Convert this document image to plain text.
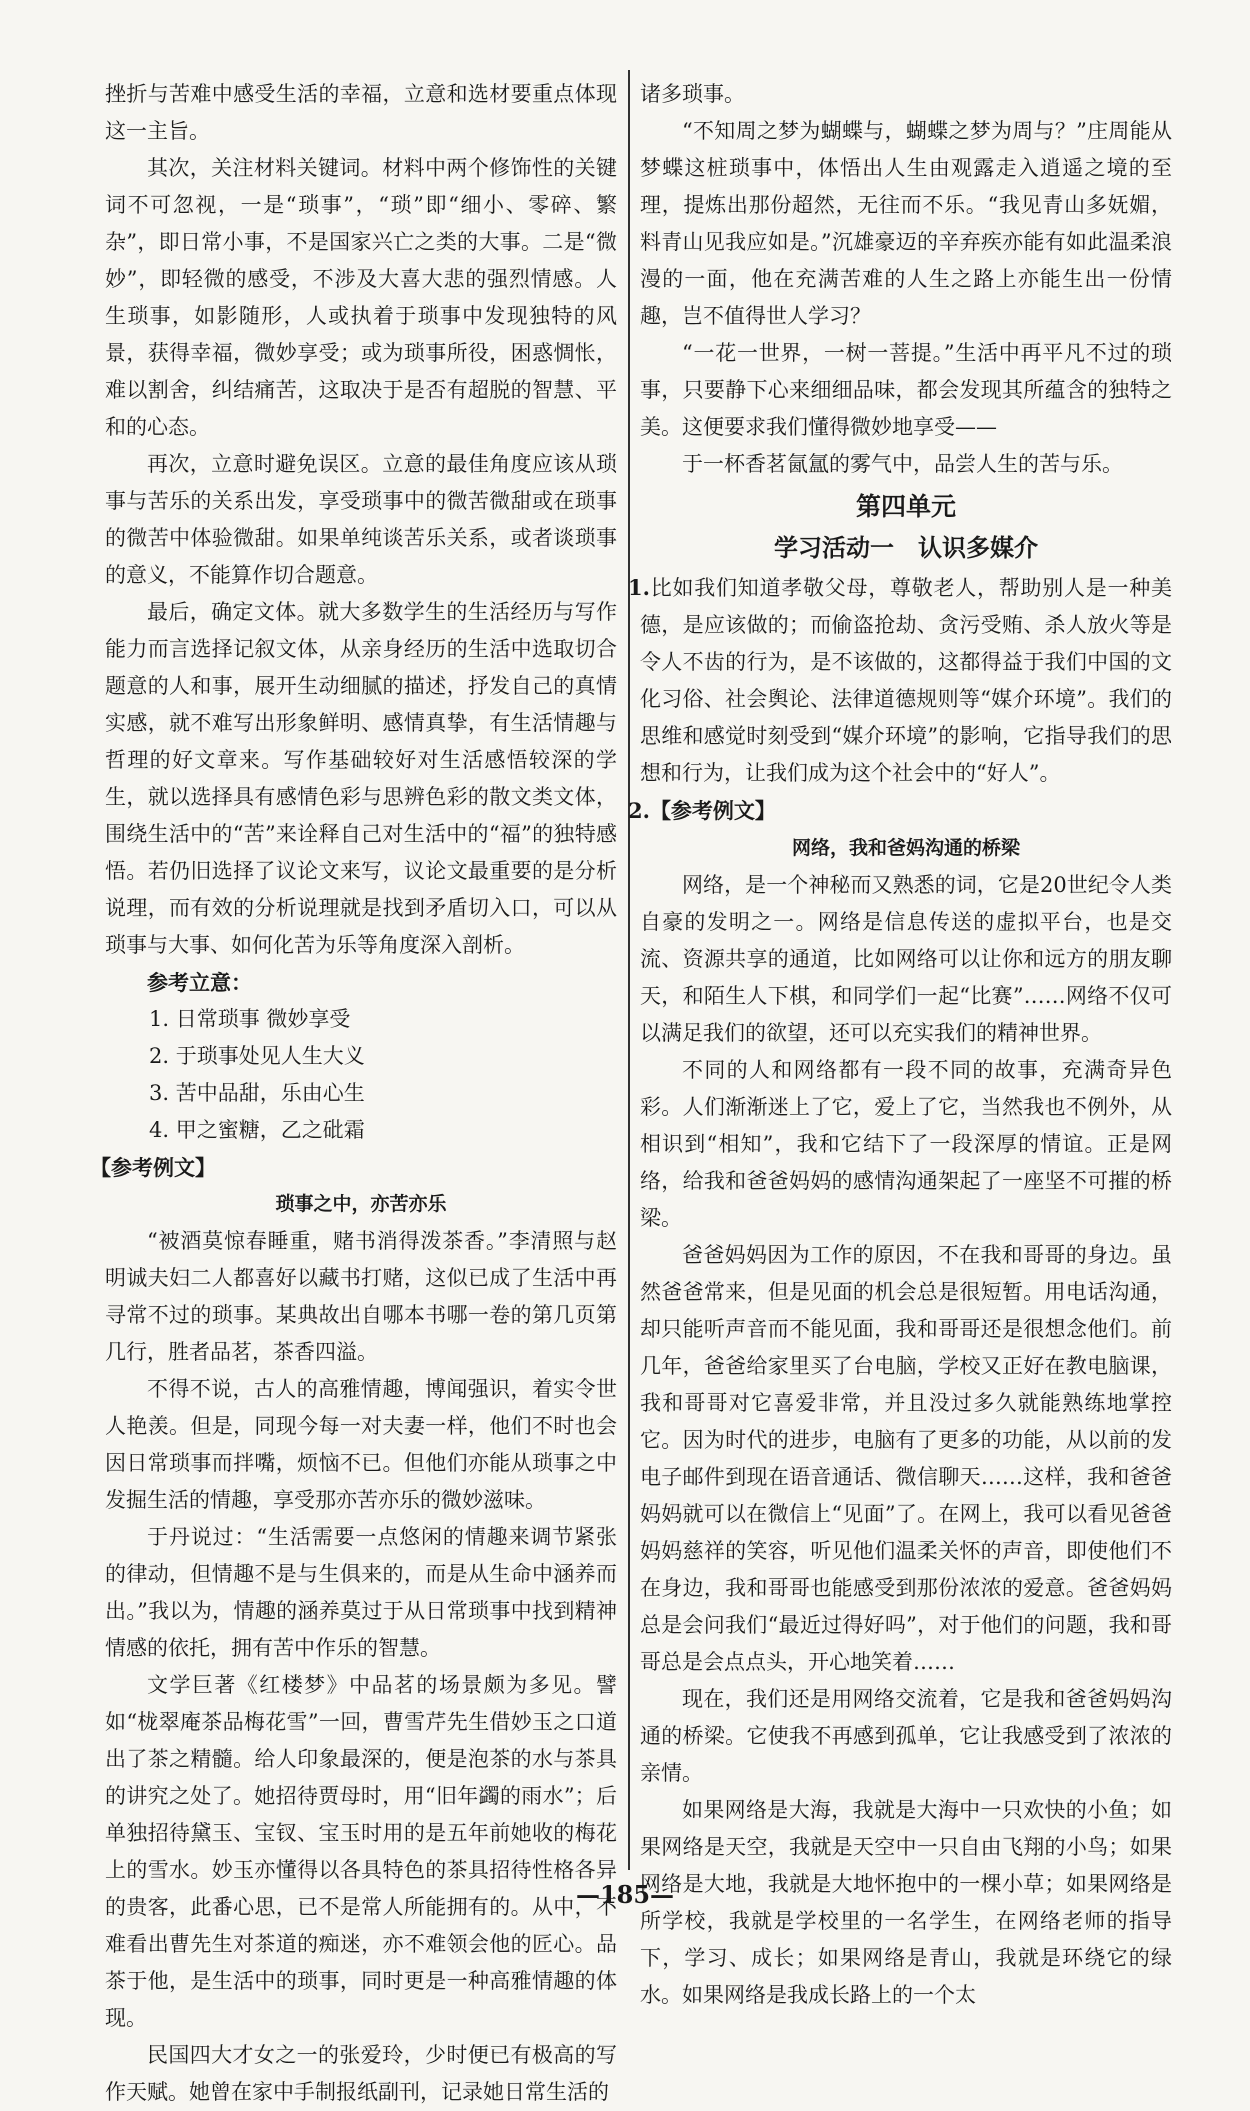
挫折与苦难中感受生活的幸福，立意和选材要重点体现这一主旨。

其次，关注材料关键词。材料中两个修饰性的关键词不可忽视，一是“琐事”，“琐”即“细小、零碎、繁杂”，即日常小事，不是国家兴亡之类的大事。二是“微妙”，即轻微的感受，不涉及大喜大悲的强烈情感。人生琐事，如影随形，人或执着于琐事中发现独特的风景，获得幸福，微妙享受；或为琐事所役，困惑惆怅，难以割舍，纠结痛苦，这取决于是否有超脱的智慧、平和的心态。

再次，立意时避免误区。立意的最佳角度应该从琐事与苦乐的关系出发，享受琐事中的微苦微甜或在琐事的微苦中体验微甜。如果单纯谈苦乐关系，或者谈琐事的意义，不能算作切合题意。

最后，确定文体。就大多数学生的生活经历与写作能力而言选择记叙文体，从亲身经历的生活中选取切合题意的人和事，展开生动细腻的描述，抒发自己的真情实感，就不难写出形象鲜明、感情真挚，有生活情趣与哲理的好文章来。写作基础较好对生活感悟较深的学生，就以选择具有感情色彩与思辨色彩的散文类文体，围绕生活中的“苦”来诠释自己对生活中的“福”的独特感悟。若仍旧选择了议论文来写，议论文最重要的是分析说理，而有效的分析说理就是找到矛盾切入口，可以从琐事与大事、如何化苦为乐等角度深入剖析。

参考立意：

1. 日常琐事 微妙享受
2. 于琐事处见人生大义
3. 苦中品甜，乐由心生
4. 甲之蜜糖，乙之砒霜
【参考例文】
琐事之中，亦苦亦乐

“被酒莫惊春睡重，赌书消得泼茶香。”李清照与赵明诚夫妇二人都喜好以藏书打赌，这似已成了生活中再寻常不过的琐事。某典故出自哪本书哪一卷的第几页第几行，胜者品茗，茶香四溢。

不得不说，古人的高雅情趣，博闻强识，着实令世人艳羡。但是，同现今每一对夫妻一样，他们不时也会因日常琐事而拌嘴，烦恼不已。但他们亦能从琐事之中发掘生活的情趣，享受那亦苦亦乐的微妙滋味。

于丹说过：“生活需要一点悠闲的情趣来调节紧张的律动，但情趣不是与生俱来的，而是从生命中涵养而出。”我以为，情趣的涵养莫过于从日常琐事中找到精神情感的依托，拥有苦中作乐的智慧。

文学巨著《红楼梦》中品茗的场景颇为多见。譬如“栊翠庵茶品梅花雪”一回，曹雪芹先生借妙玉之口道出了茶之精髓。给人印象最深的，便是泡茶的水与茶具的讲究之处了。她招待贾母时，用“旧年蠲的雨水”；后单独招待黛玉、宝钗、宝玉时用的是五年前她收的梅花上的雪水。妙玉亦懂得以各具特色的茶具招待性格各异的贵客，此番心思，已不是常人所能拥有的。从中，不难看出曹先生对茶道的痴迷，亦不难领会他的匠心。品茶于他，是生活中的琐事，同时更是一种高雅情趣的体现。

民国四大才女之一的张爱玲，少时便已有极高的写作天赋。她曾在家中手制报纸副刊，记录她日常生活的

诸多琐事。

“不知周之梦为蝴蝶与，蝴蝶之梦为周与？”庄周能从梦蝶这桩琐事中，体悟出人生由观露走入逍遥之境的至理，提炼出那份超然，无往而不乐。“我见青山多妩媚，料青山见我应如是。”沉雄豪迈的辛弃疾亦能有如此温柔浪漫的一面，他在充满苦难的人生之路上亦能生出一份情趣，岂不值得世人学习？

“一花一世界，一树一菩提。”生活中再平凡不过的琐事，只要静下心来细细品味，都会发现其所蕴含的独特之美。这便要求我们懂得微妙地享受——

于一杯香茗氤氲的雾气中，品尝人生的苦与乐。

第四单元
学习活动一　认识多媒介

1.比如我们知道孝敬父母，尊敬老人，帮助别人是一种美德，是应该做的；而偷盗抢劫、贪污受贿、杀人放火等是令人不齿的行为，是不该做的，这都得益于我们中国的文化习俗、社会舆论、法律道德规则等“媒介环境”。我们的思维和感觉时刻受到“媒介环境”的影响，它指导我们的思想和行为，让我们成为这个社会中的“好人”。

2.【参考例文】

网络，我和爸妈沟通的桥梁

网络，是一个神秘而又熟悉的词，它是20世纪令人类自豪的发明之一。网络是信息传送的虚拟平台，也是交流、资源共享的通道，比如网络可以让你和远方的朋友聊天，和陌生人下棋，和同学们一起“比赛”……网络不仅可以满足我们的欲望，还可以充实我们的精神世界。

不同的人和网络都有一段不同的故事，充满奇异色彩。人们渐渐迷上了它，爱上了它，当然我也不例外，从相识到“相知”，我和它结下了一段深厚的情谊。正是网络，给我和爸爸妈妈的感情沟通架起了一座坚不可摧的桥梁。

爸爸妈妈因为工作的原因，不在我和哥哥的身边。虽然爸爸常来，但是见面的机会总是很短暂。用电话沟通，却只能听声音而不能见面，我和哥哥还是很想念他们。前几年，爸爸给家里买了台电脑，学校又正好在教电脑课，我和哥哥对它喜爱非常，并且没过多久就能熟练地掌控它。因为时代的进步，电脑有了更多的功能，从以前的发电子邮件到现在语音通话、微信聊天……这样，我和爸爸妈妈就可以在微信上“见面”了。在网上，我可以看见爸爸妈妈慈祥的笑容，听见他们温柔关怀的声音，即使他们不在身边，我和哥哥也能感受到那份浓浓的爱意。爸爸妈妈总是会问我们“最近过得好吗”，对于他们的问题，我和哥哥总是会点点头，开心地笑着……

现在，我们还是用网络交流着，它是我和爸爸妈妈沟通的桥梁。它使我不再感到孤单，它让我感受到了浓浓的亲情。

如果网络是大海，我就是大海中一只欢快的小鱼；如果网络是天空，我就是天空中一只自由飞翔的小鸟；如果网络是大地，我就是大地怀抱中的一棵小草；如果网络是所学校，我就是学校里的一名学生，在网络老师的指导下，学习、成长；如果网络是青山，我就是环绕它的绿水。如果网络是我成长路上的一个太

—185—
